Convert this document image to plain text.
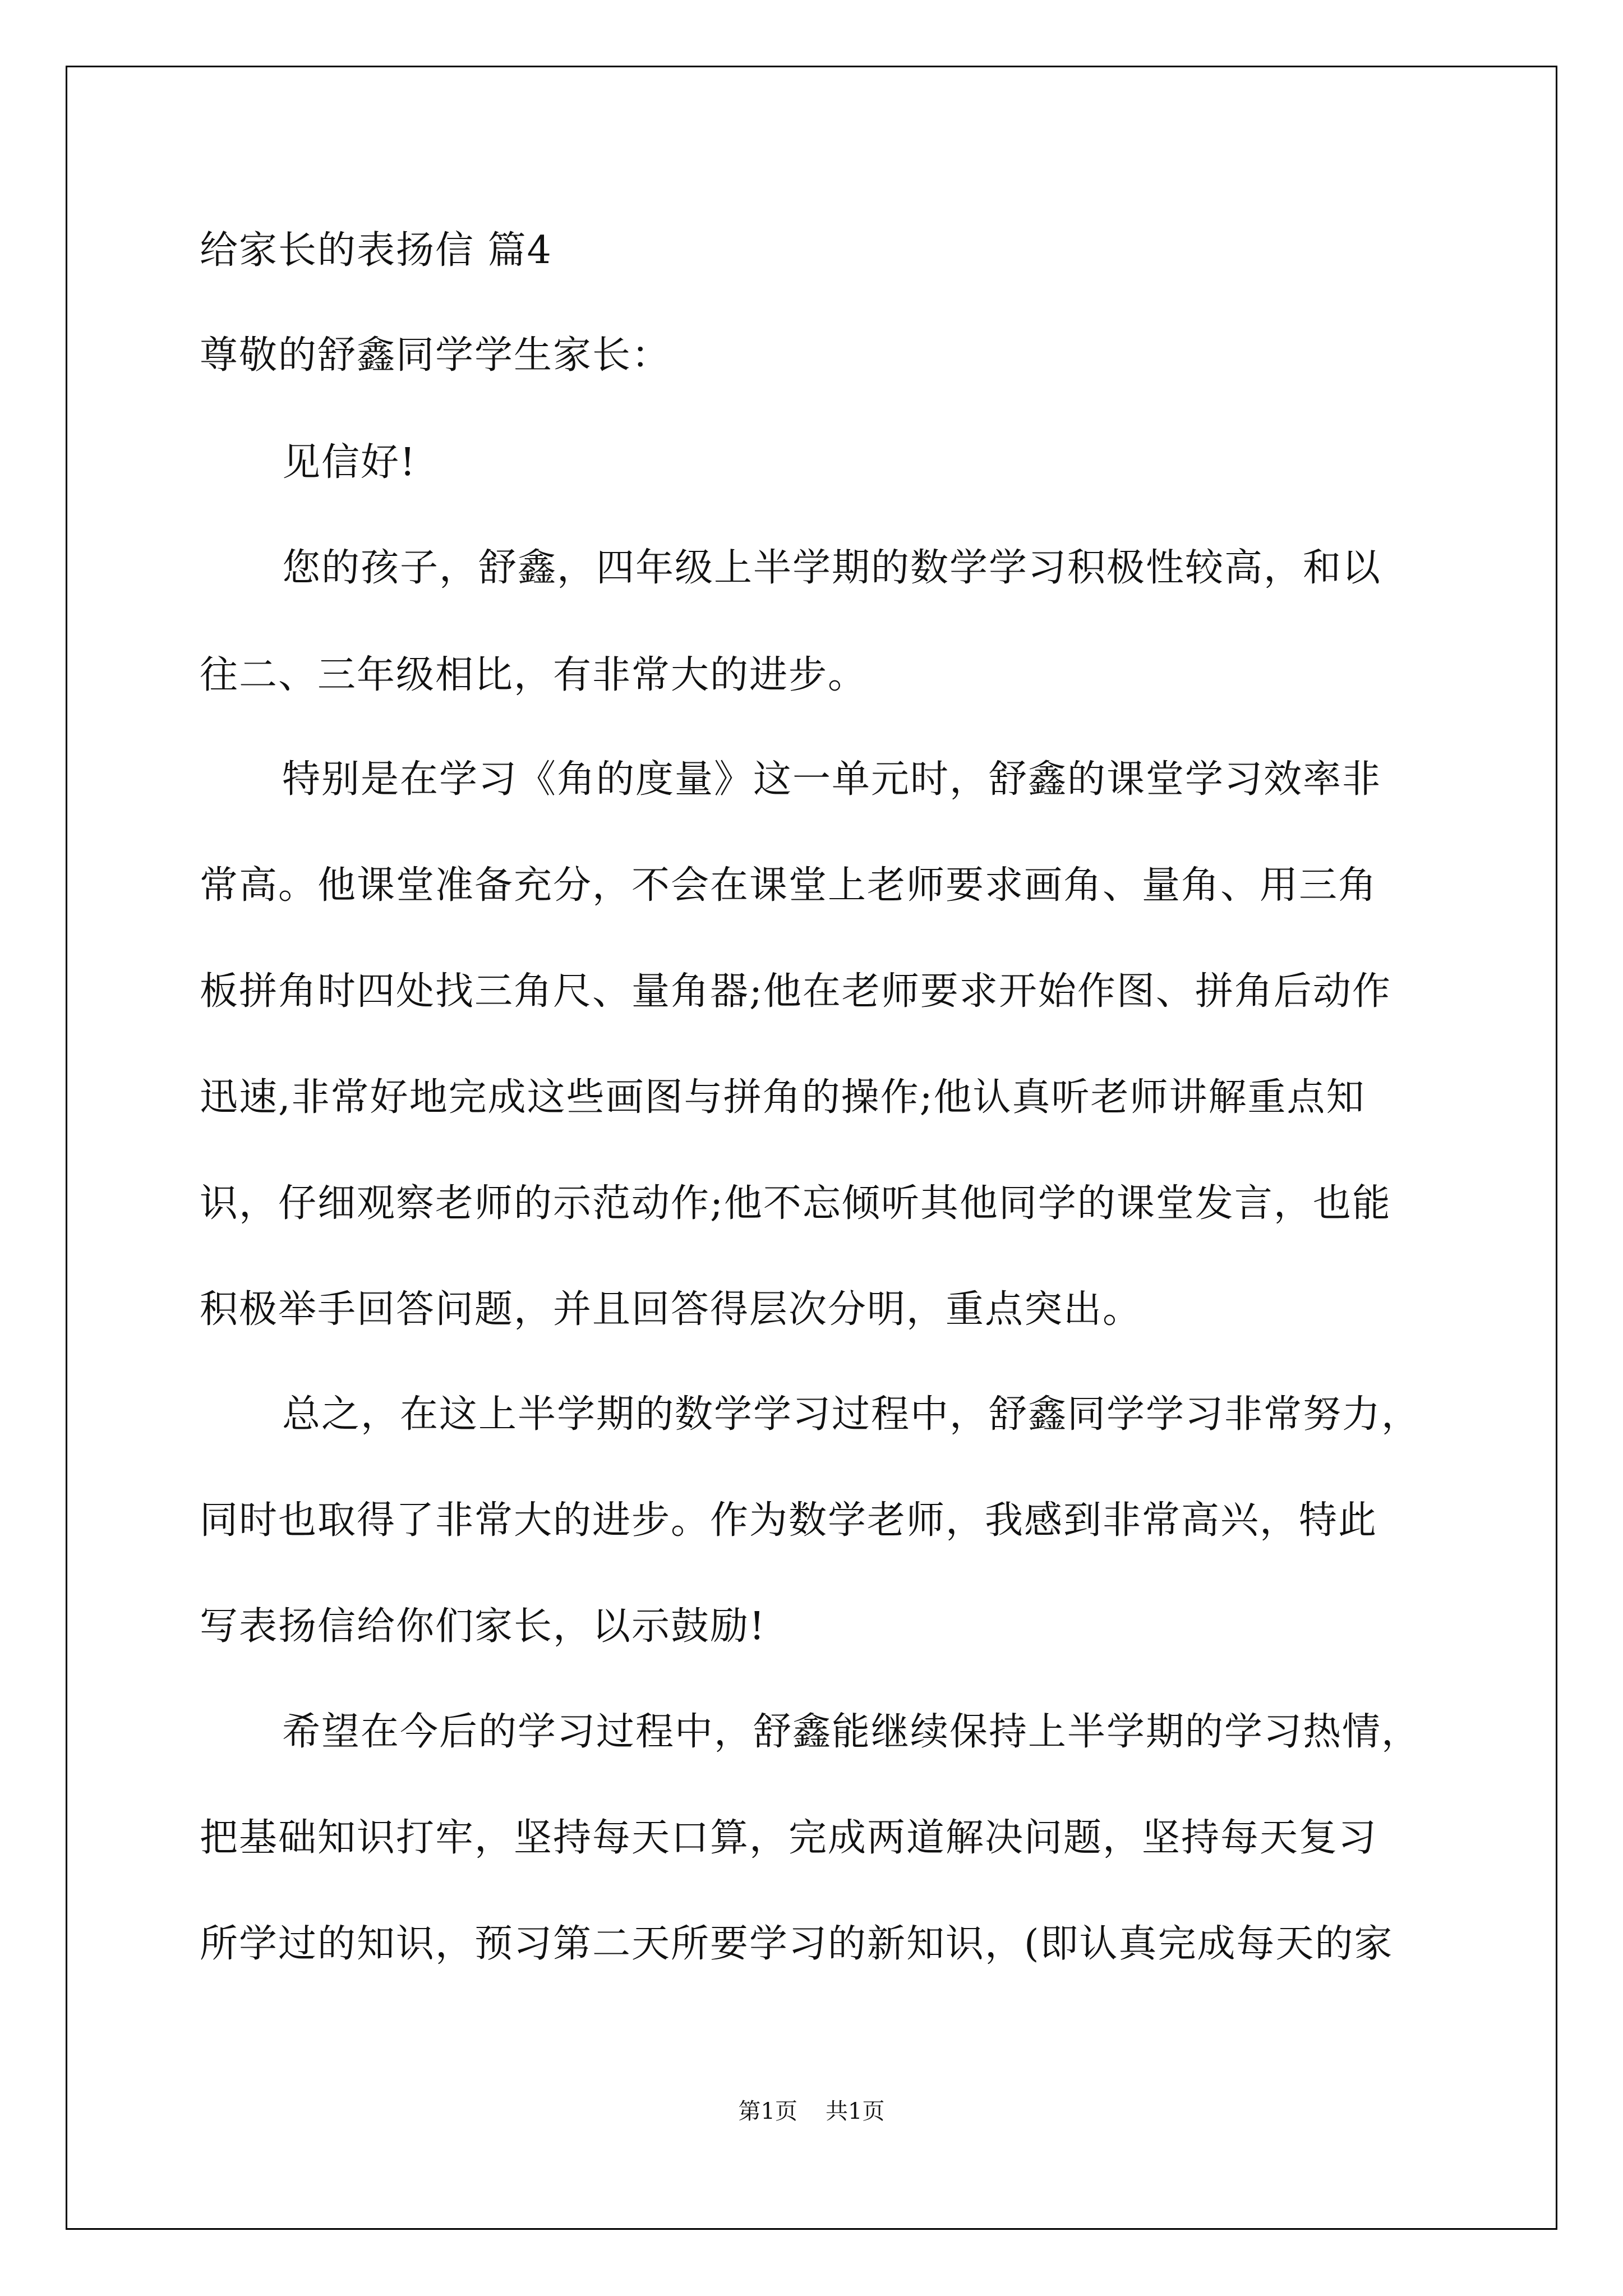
给家长的表扬信 篇4
尊敬的舒鑫同学学生家长：
见信好!
您的孩子，舒鑫，四年级上半学期的数学学习积极性较高，和以
往二、三年级相比，有非常大的进步。
特别是在学习《角的度量》这一单元时，舒鑫的课堂学习效率非
常高。他课堂准备充分，不会在课堂上老师要求画角、量角、用三角
板拼角时四处找三角尺、量角器;他在老师要求开始作图、拼角后动作
迅速,非常好地完成这些画图与拼角的操作;他认真听老师讲解重点知
识，仔细观察老师的示范动作;他不忘倾听其他同学的课堂发言，也能
积极举手回答问题，并且回答得层次分明，重点突出。
总之，在这上半学期的数学学习过程中，舒鑫同学学习非常努力，
同时也取得了非常大的进步。作为数学老师，我感到非常高兴，特此
写表扬信给你们家长，以示鼓励!
希望在今后的学习过程中，舒鑫能继续保持上半学期的学习热情，
把基础知识打牢，坚持每天口算，完成两道解决问题，坚持每天复习
所学过的知识，预习第二天所要学习的新知识，(即认真完成每天的家
第1页 共1页
